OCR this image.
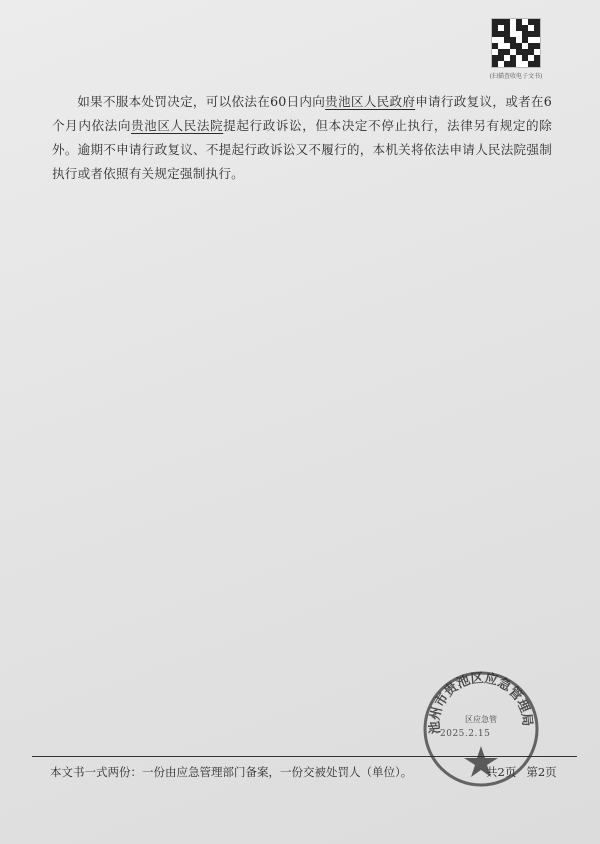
(扫描查收电子文书)

如果不服本处罚决定，可以依法在60日内向贵池区人民政府申请行政复议，或者在6个月内依法向贵池区人民法院提起行政诉讼，但本决定不停止执行，法律另有规定的除外。逾期不申请行政复议、不提起行政诉讼又不履行的，本机关将依法申请人民法院强制执行或者依照有关规定强制执行。

池州市贵池区应急管理局
区应急管
2025.2.15
本文书一式两份：一份由应急管理部门备案，一份交被处罚人（单位）。	共2页 第2页
